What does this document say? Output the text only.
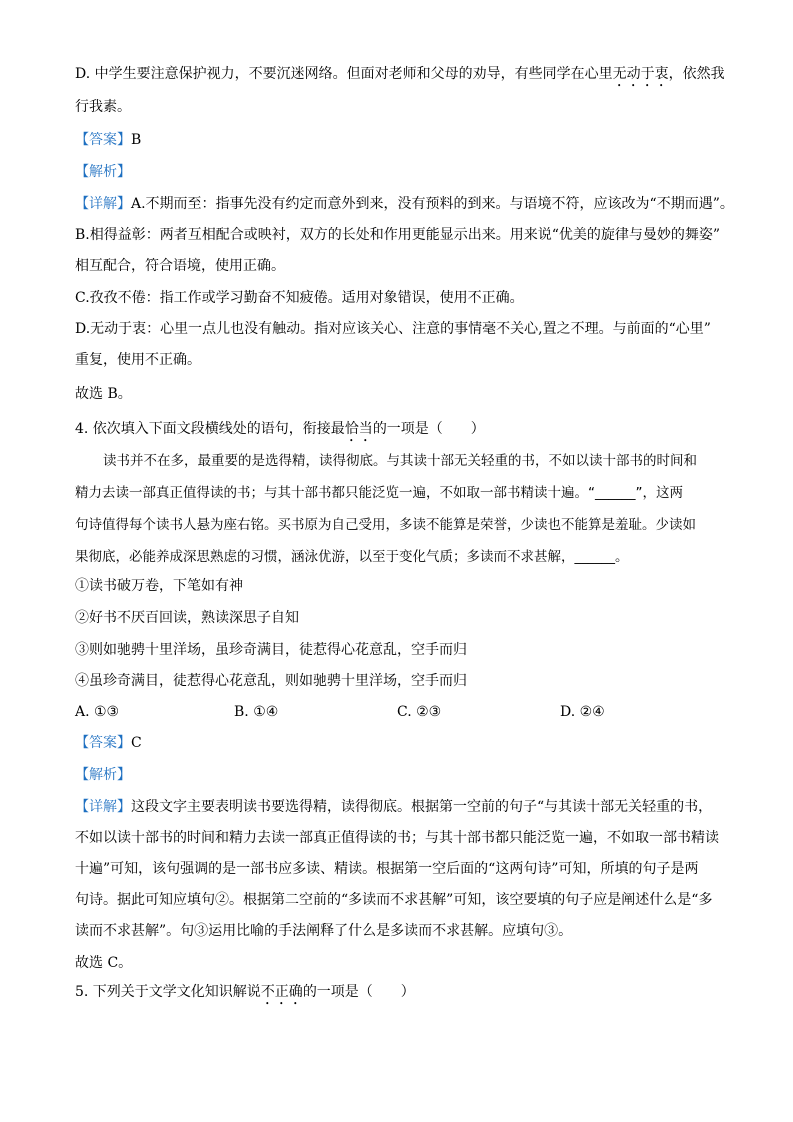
D. 中学生要注意保护视力，不要沉迷网络。但面对老师和父母的劝导，有些同学在心里无动于衷，依然我
行我素。
【答案】B
【解析】
【详解】A.不期而至：指事先没有约定而意外到来，没有预料的到来。与语境不符，应该改为“不期而遇”。
B.相得益彰：两者互相配合或映衬，双方的长处和作用更能显示出来。用来说“优美的旋律与曼妙的舞姿”
相互配合，符合语境，使用正确。
C.孜孜不倦：指工作或学习勤奋不知疲倦。适用对象错误，使用不正确。
D.无动于衷：心里一点儿也没有触动。指对应该关心、注意的事情毫不关心,置之不理。与前面的“心里”
重复，使用不正确。
故选 B。
4. 依次填入下面文段横线处的语句，衔接最恰当的一项是（　　）
读书并不在多，最重要的是选得精，读得彻底。与其读十部无关轻重的书，不如以读十部书的时间和
精力去读一部真正值得读的书；与其十部书都只能泛览一遍，不如取一部书精读十遍。“______”，这两
句诗值得每个读书人悬为座右铭。买书原为自己受用，多读不能算是荣誉，少读也不能算是羞耻。少读如
果彻底，必能养成深思熟虑的习惯，涵泳优游，以至于变化气质；多读而不求甚解，______。
①读书破万卷，下笔如有神
②好书不厌百回读，熟读深思子自知
③则如驰骋十里洋场，虽珍奇满目，徒惹得心花意乱，空手而归
④虽珍奇满目，徒惹得心花意乱，则如驰骋十里洋场，空手而归
A. ①③	B. ①④	C. ②③	D. ②④
【答案】C
【解析】
【详解】这段文字主要表明读书要选得精，读得彻底。根据第一空前的句子“与其读十部无关轻重的书，
不如以读十部书的时间和精力去读一部真正值得读的书；与其十部书都只能泛览一遍，不如取一部书精读
十遍”可知，该句强调的是一部书应多读、精读。根据第一空后面的“这两句诗”可知，所填的句子是两
句诗。据此可知应填句②。根据第二空前的“多读而不求甚解”可知，该空要填的句子应是阐述什么是“多
读而不求甚解”。句③运用比喻的手法阐释了什么是多读而不求甚解。应填句③。
故选 C。
5. 下列关于文学文化知识解说不正确的一项是（　　）
